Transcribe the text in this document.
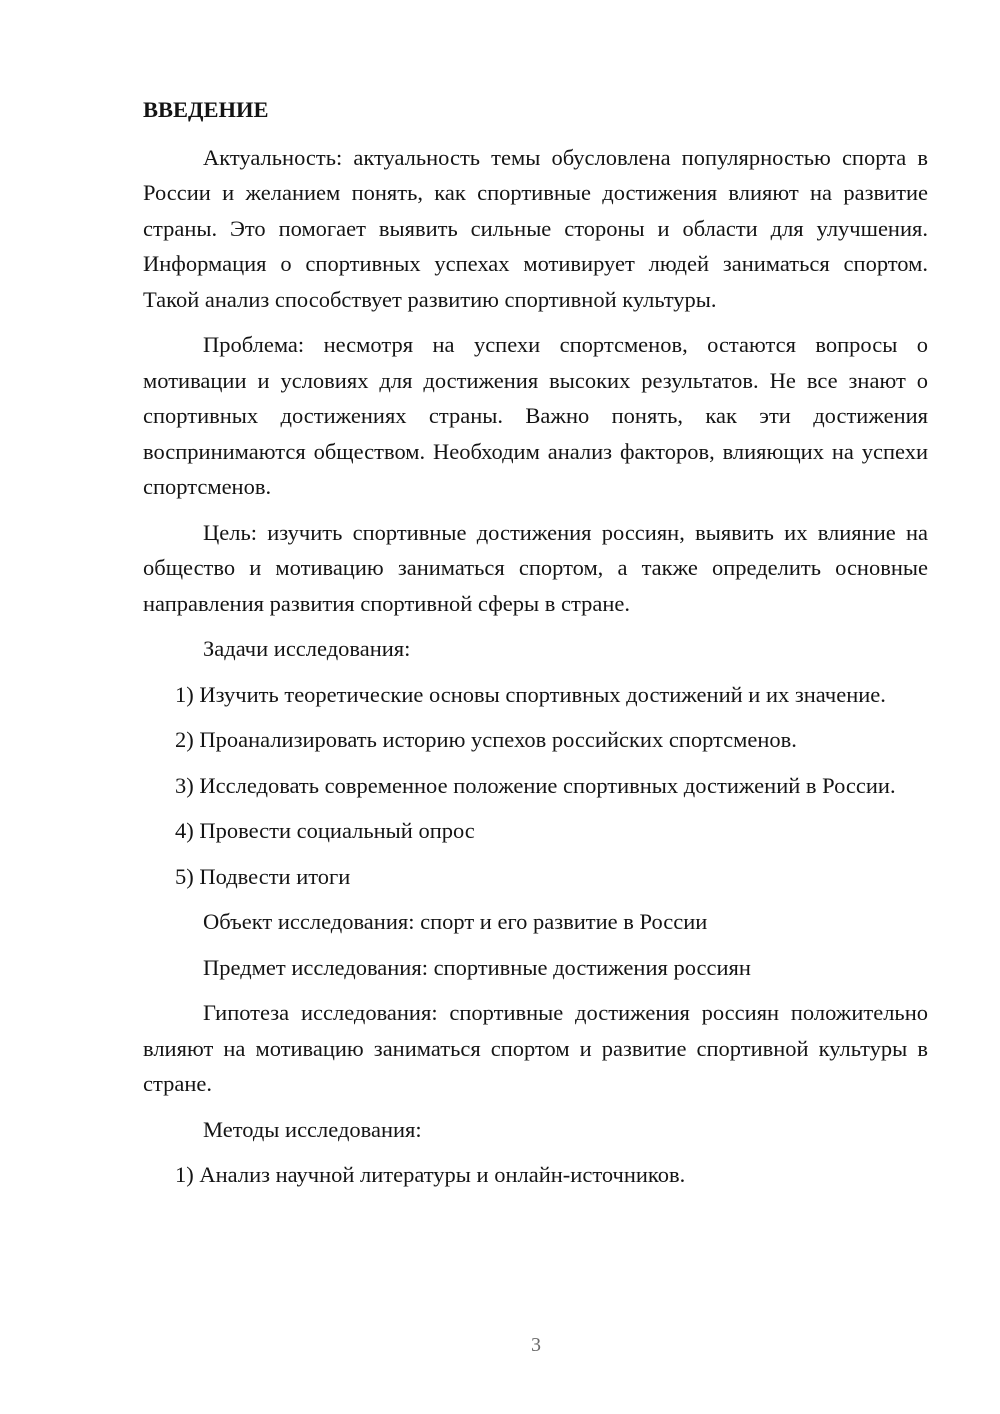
ВВЕДЕНИЕ

Актуальность: актуальность темы обусловлена популярностью спорта в России и желанием понять, как спортивные достижения влияют на развитие страны. Это помогает выявить сильные стороны и области для улучшения. Информация о спортивных успехах мотивирует людей заниматься спортом. Такой анализ способствует развитию спортивной культуры.

Проблема: несмотря на успехи спортсменов, остаются вопросы о мотивации и условиях для достижения высоких результатов. Не все знают о спортивных достижениях страны. Важно понять, как эти достижения воспринимаются обществом. Необходим анализ факторов, влияющих на успехи спортсменов.

Цель: изучить спортивные достижения россиян, выявить их влияние на общество и мотивацию заниматься спортом, а также определить основные направления развития спортивной сферы в стране.

Задачи исследования:

1) Изучить теоретические основы спортивных достижений и их значение.

2) Проанализировать историю успехов российских спортсменов.

3) Исследовать современное положение спортивных достижений в России.

4) Провести социальный опрос

5) Подвести итоги

Объект исследования: спорт и его развитие в России

Предмет исследования: спортивные достижения россиян

Гипотеза исследования: спортивные достижения россиян положительно влияют на мотивацию заниматься спортом и развитие спортивной культуры в стране.

Методы исследования:

1) Анализ научной литературы и онлайн-источников.

3
